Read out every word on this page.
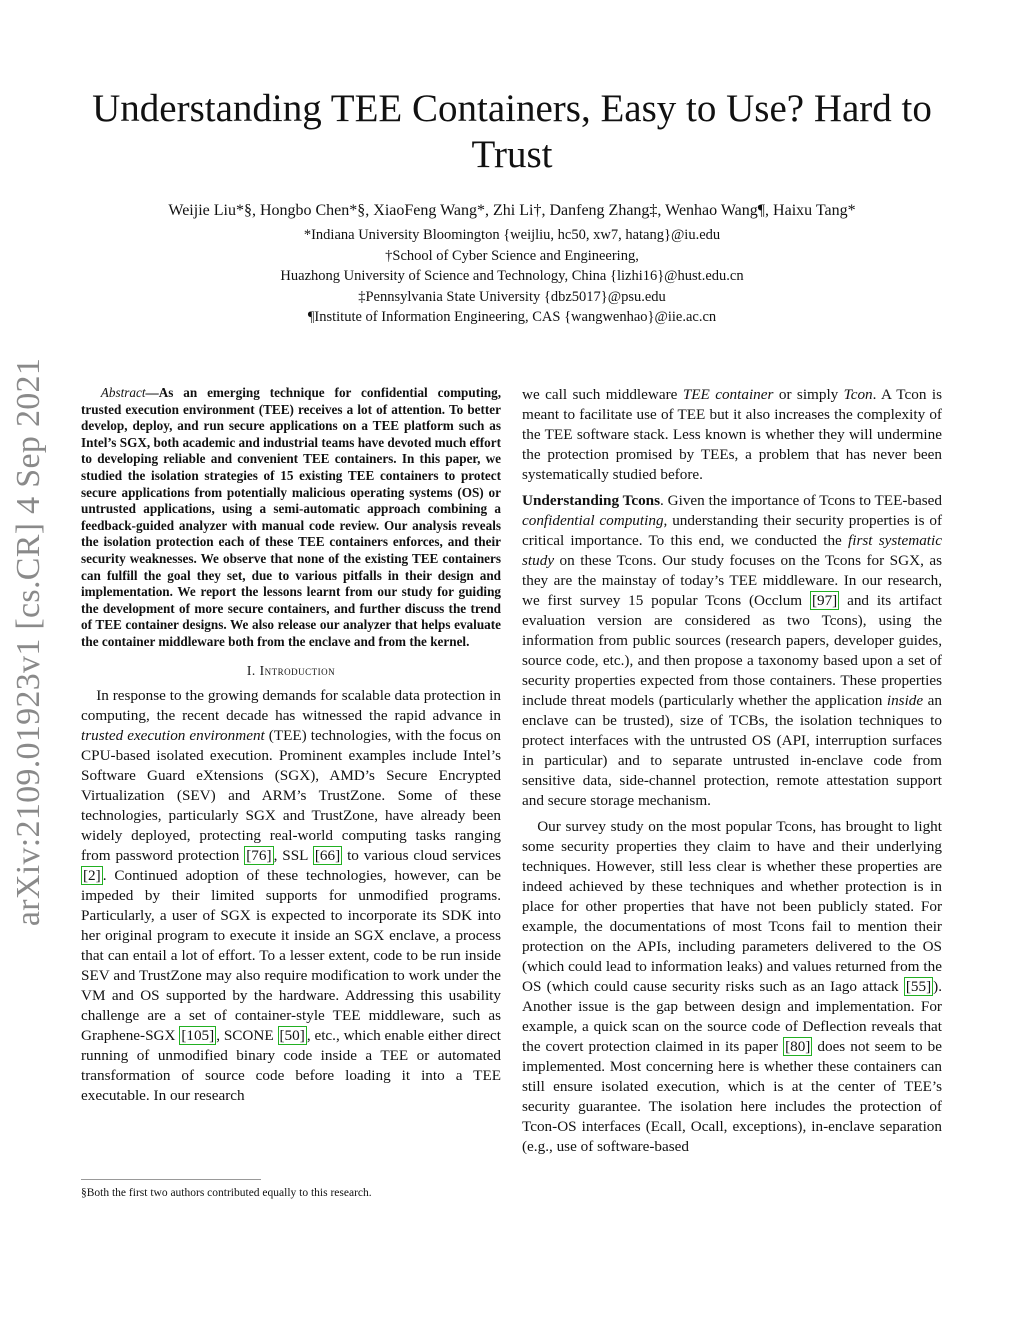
Understanding TEE Containers, Easy to Use? Hard to Trust
Weijie Liu*§, Hongbo Chen*§, XiaoFeng Wang*, Zhi Li†, Danfeng Zhang‡, Wenhao Wang¶, Haixu Tang*
*Indiana University Bloomington {weijliu, hc50, xw7, hatang}@iu.edu
†School of Cyber Science and Engineering,
Huazhong University of Science and Technology, China {lizhi16}@hust.edu.cn
‡Pennsylvania State University {dbz5017}@psu.edu
¶Institute of Information Engineering, CAS {wangwenhao}@iie.ac.cn
arXiv:2109.01923v1 [cs.CR] 4 Sep 2021	Abstract—As an emerging technique for confidential computing, trusted execution environment (TEE) receives a lot of attention. To better develop, deploy, and run secure applications on a TEE platform such as Intel’s SGX, both academic and industrial teams have devoted much effort to developing reliable and convenient TEE containers. In this paper, we studied the isolation strategies of 15 existing TEE containers to protect secure applications from potentially malicious operating systems (OS) or untrusted applications, using a semi-automatic approach combining a feedback-guided analyzer with manual code review. Our analysis reveals the isolation protection each of these TEE containers enforces, and their security weaknesses. We observe that none of the existing TEE containers can fulfill the goal they set, due to various pitfalls in their design and implementation. We report the lessons learnt from our study for guiding the development of more secure containers, and further discuss the trend of TEE container designs. We also release our analyzer that helps evaluate the container middleware both from the enclave and from the kernel.

I. Introduction

In response to the growing demands for scalable data protection in computing, the recent decade has witnessed the rapid advance in trusted execution environment (TEE) technologies, with the focus on CPU-based isolated execution. Prominent examples include Intel’s Software Guard eXtensions (SGX), AMD’s Secure Encrypted Virtualization (SEV) and ARM’s TrustZone. Some of these technologies, particularly SGX and TrustZone, have already been widely deployed, protecting real-world computing tasks ranging from password protection [76] , SSL [66] to various cloud services [2] . Continued adoption of these technologies, however, can be impeded by their limited supports for unmodified programs. Particularly, a user of SGX is expected to incorporate its SDK into her original program to execute it inside an SGX enclave, a process that can entail a lot of effort. To a lesser extent, code to be run inside SEV and TrustZone may also require modification to work under the VM and OS supported by the hardware. Addressing this usability challenge are a set of container-style TEE middleware, such as Graphene-SGX [105] , SCONE [50] , etc., which enable either direct running of unmodified binary code inside a TEE or automated transformation of source code before loading it into a TEE executable. In our research

§Both the first two authors contributed equally to this research.

we call such middleware TEE container or simply Tcon. A Tcon is meant to facilitate use of TEE but it also increases the complexity of the TEE software stack. Less known is whether they will undermine the protection promised by TEEs, a problem that has never been systematically studied before.

Understanding Tcons. Given the importance of Tcons to TEE-based confidential computing, understanding their security properties is of critical importance. To this end, we conducted the first systematic study on these Tcons. Our study focuses on the Tcons for SGX, as they are the mainstay of today’s TEE middleware. In our research, we first survey 15 popular Tcons (Occlum [97] and its artifact evaluation version are considered as two Tcons), using the information from public sources (research papers, developer guides, source code, etc.), and then propose a taxonomy based upon a set of security properties expected from those containers. These properties include threat models (particularly whether the application inside an enclave can be trusted), size of TCBs, the isolation techniques to protect interfaces with the untrusted OS (API, interruption surfaces in particular) and to separate untrusted in-enclave code from sensitive data, side-channel protection, remote attestation support and secure storage mechanism.

Our survey study on the most popular Tcons, has brought to light some security properties they claim to have and their underlying techniques. However, still less clear is whether these properties are indeed achieved by these techniques and whether protection is in place for other properties that have not been publicly stated. For example, the documentations of most Tcons fail to mention their protection on the APIs, including parameters delivered to the OS (which could lead to information leaks) and values returned from the OS (which could cause security risks such as an Iago attack [55] ). Another issue is the gap between design and implementation. For example, a quick scan on the source code of Deflection reveals that the covert protection claimed in its paper [80] does not seem to be implemented. Most concerning here is whether these containers can still ensure isolated execution, which is at the center of TEE’s security guarantee. The isolation here includes the protection of Tcon-OS interfaces (Ecall, Ocall, exceptions), in-enclave separation (e.g., use of software-based
